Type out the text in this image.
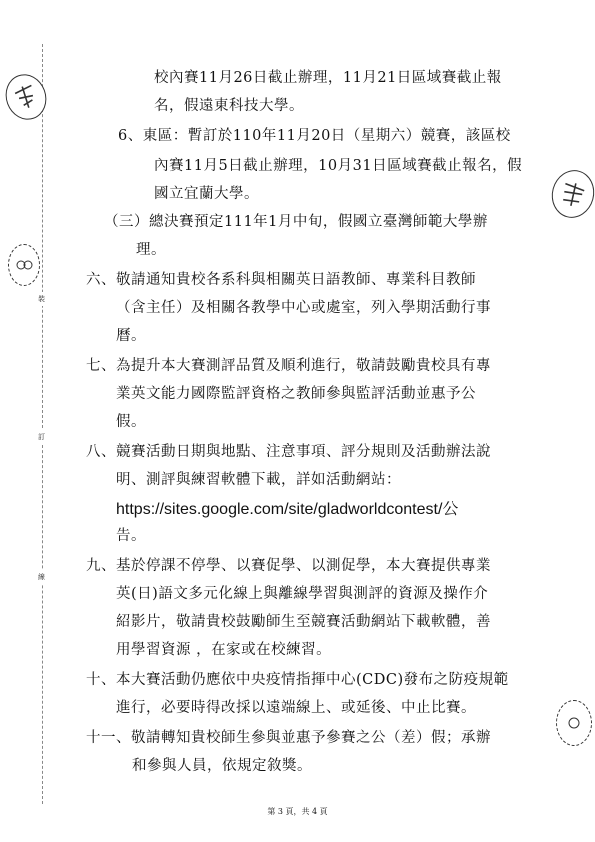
裝
訂
線
校內賽11月26日截止辦理，11月21日區域賽截止報
名，假遠東科技大學。
6、東區：暫訂於110年11月20日（星期六）競賽，該區校
內賽11月5日截止辦理，10月31日區域賽截止報名，假
國立宜蘭大學。
（三）總決賽預定111年1月中旬，假國立臺灣師範大學辦
理。
六、敬請通知貴校各系科與相關英日語教師、專業科目教師
（含主任）及相關各教學中心或處室，列入學期活動行事
曆。
七、為提升本大賽測評品質及順利進行，敬請鼓勵貴校具有專
業英文能力國際監評資格之教師參與監評活動並惠予公
假。
八、競賽活動日期與地點、注意事項、評分規則及活動辦法說
明、測評與練習軟體下載，詳如活動網站：
https://sites.google.com/site/gladworldcontest/公
告。
九、基於停課不停學、以賽促學、以測促學，本大賽提供專業
英(日)語文多元化線上與離線學習與測評的資源及操作介
紹影片，敬請貴校鼓勵師生至競賽活動網站下載軟體，善
用學習資源 ，在家或在校練習。
十、本大賽活動仍應依中央疫情指揮中心(CDC)發布之防疫規範
進行，必要時得改採以遠端線上、或延後、中止比賽。
十一、敬請轉知貴校師生參與並惠予參賽之公（差）假；承辦
和參與人員，依規定敘獎。
第 3 頁，共 4 頁
